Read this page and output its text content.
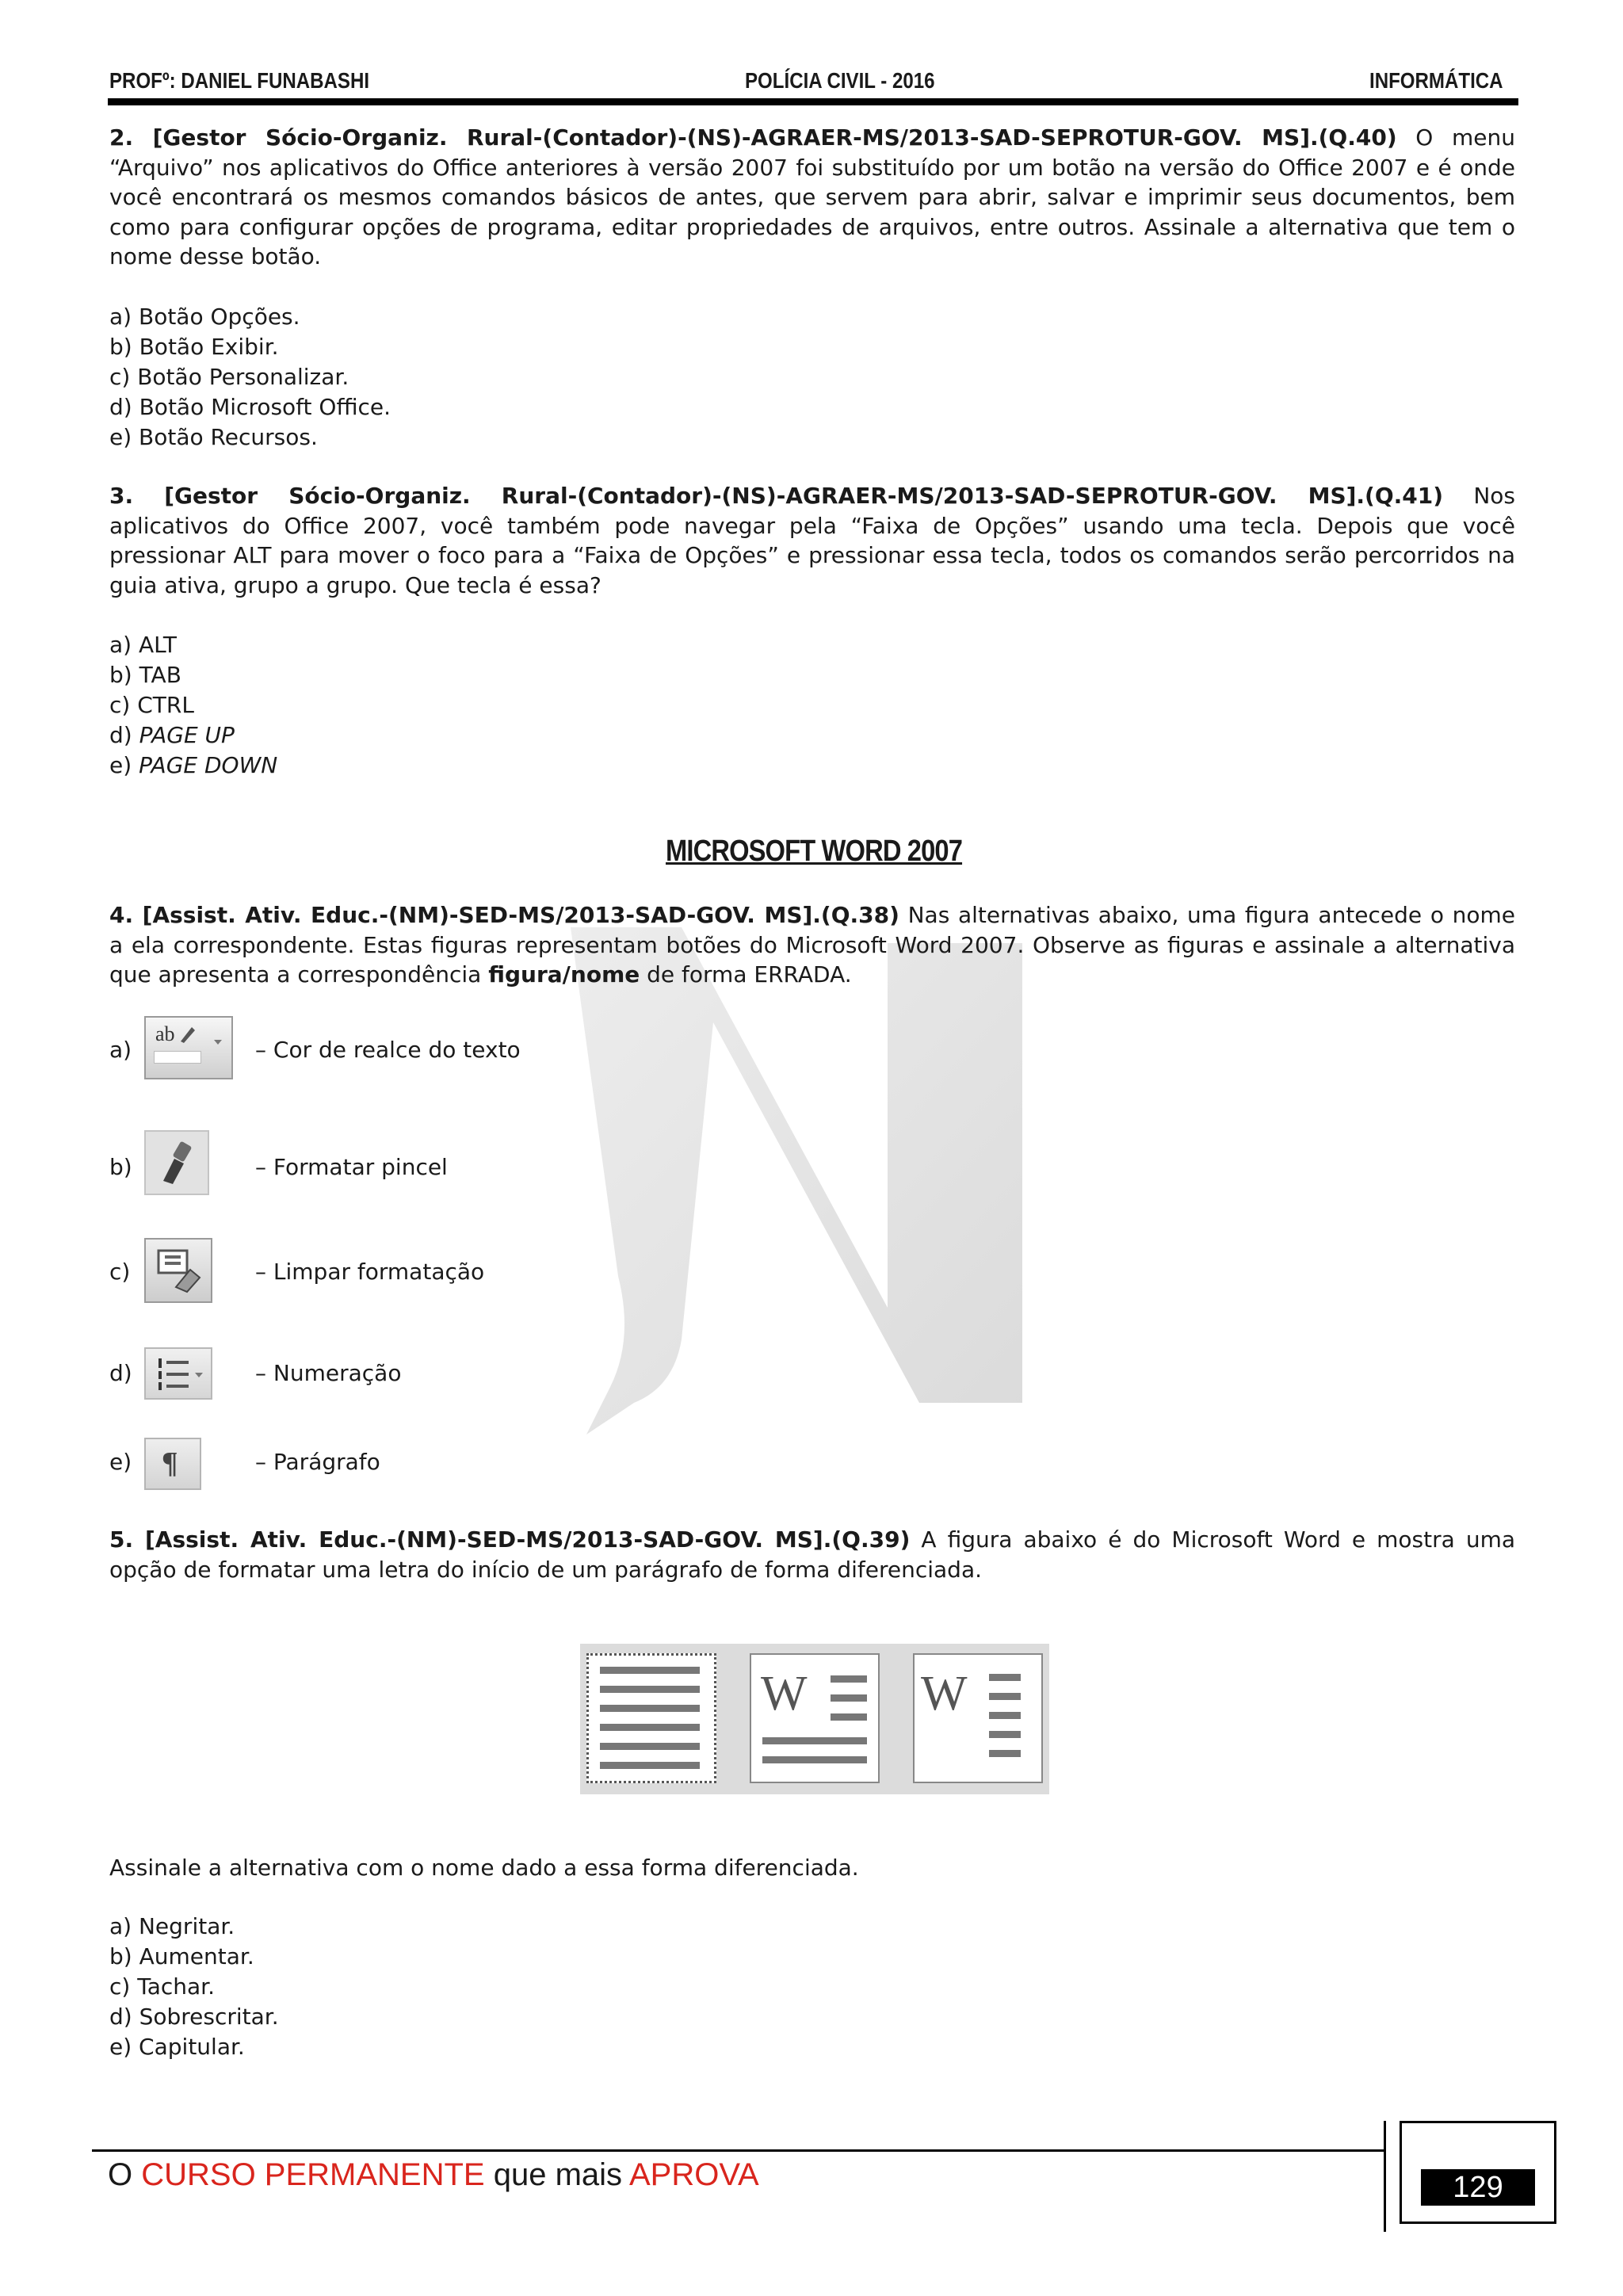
PROFº: DANIEL FUNABASHI	POLÍCIA CIVIL - 2016	INFORMÁTICA
2. [Gestor Sócio-Organiz. Rural-(Contador)-(NS)-AGRAER-MS/2013-SAD-SEPROTUR-GOV. MS].(Q.40) O menu “Arquivo” nos aplicativos do Office anteriores à versão 2007 foi substituído por um botão na versão do Office 2007 e é onde você encontrará os mesmos comandos básicos de antes, que servem para abrir, salvar e imprimir seus documentos, bem como para configurar opções de programa, editar propriedades de arquivos, entre outros. Assinale a alternativa que tem o nome desse botão.
a) Botão Opções.
b) Botão Exibir.
c) Botão Personalizar.
d) Botão Microsoft Office.
e) Botão Recursos.
3. [Gestor Sócio-Organiz. Rural-(Contador)-(NS)-AGRAER-MS/2013-SAD-SEPROTUR-GOV. MS].(Q.41) Nos aplicativos do Office 2007, você também pode navegar pela “Faixa de Opções” usando uma tecla. Depois que você pressionar ALT para mover o foco para a “Faixa de Opções” e pressionar essa tecla, todos os comandos serão percorridos na guia ativa, grupo a grupo. Que tecla é essa?
a) ALT
b) TAB
c) CTRL
d) PAGE UP
e) PAGE DOWN
MICROSOFT WORD 2007
4. [Assist. Ativ. Educ.-(NM)-SED-MS/2013-SAD-GOV. MS].(Q.38) Nas alternativas abaixo, uma figura antecede o nome a ela correspondente. Estas figuras representam botões do Microsoft Word 2007. Observe as figuras e assinale a alternativa que apresenta a correspondência figura/nome de forma ERRADA.
a)
ab
– Cor de realce do texto
b)	– Formatar pincel
c)	– Limpar formatação
d)	– Numeração
e) ¶	– Parágrafo
5. [Assist. Ativ. Educ.-(NM)-SED-MS/2013-SAD-GOV. MS].(Q.39) A figura abaixo é do Microsoft Word e mostra uma opção de formatar uma letra do início de um parágrafo de forma diferenciada.
W W
Assinale a alternativa com o nome dado a essa forma diferenciada.
a) Negritar.
b) Aumentar.
c) Tachar.
d) Sobrescritar.
e) Capitular.
O CURSO PERMANENTE que mais APROVA	129
